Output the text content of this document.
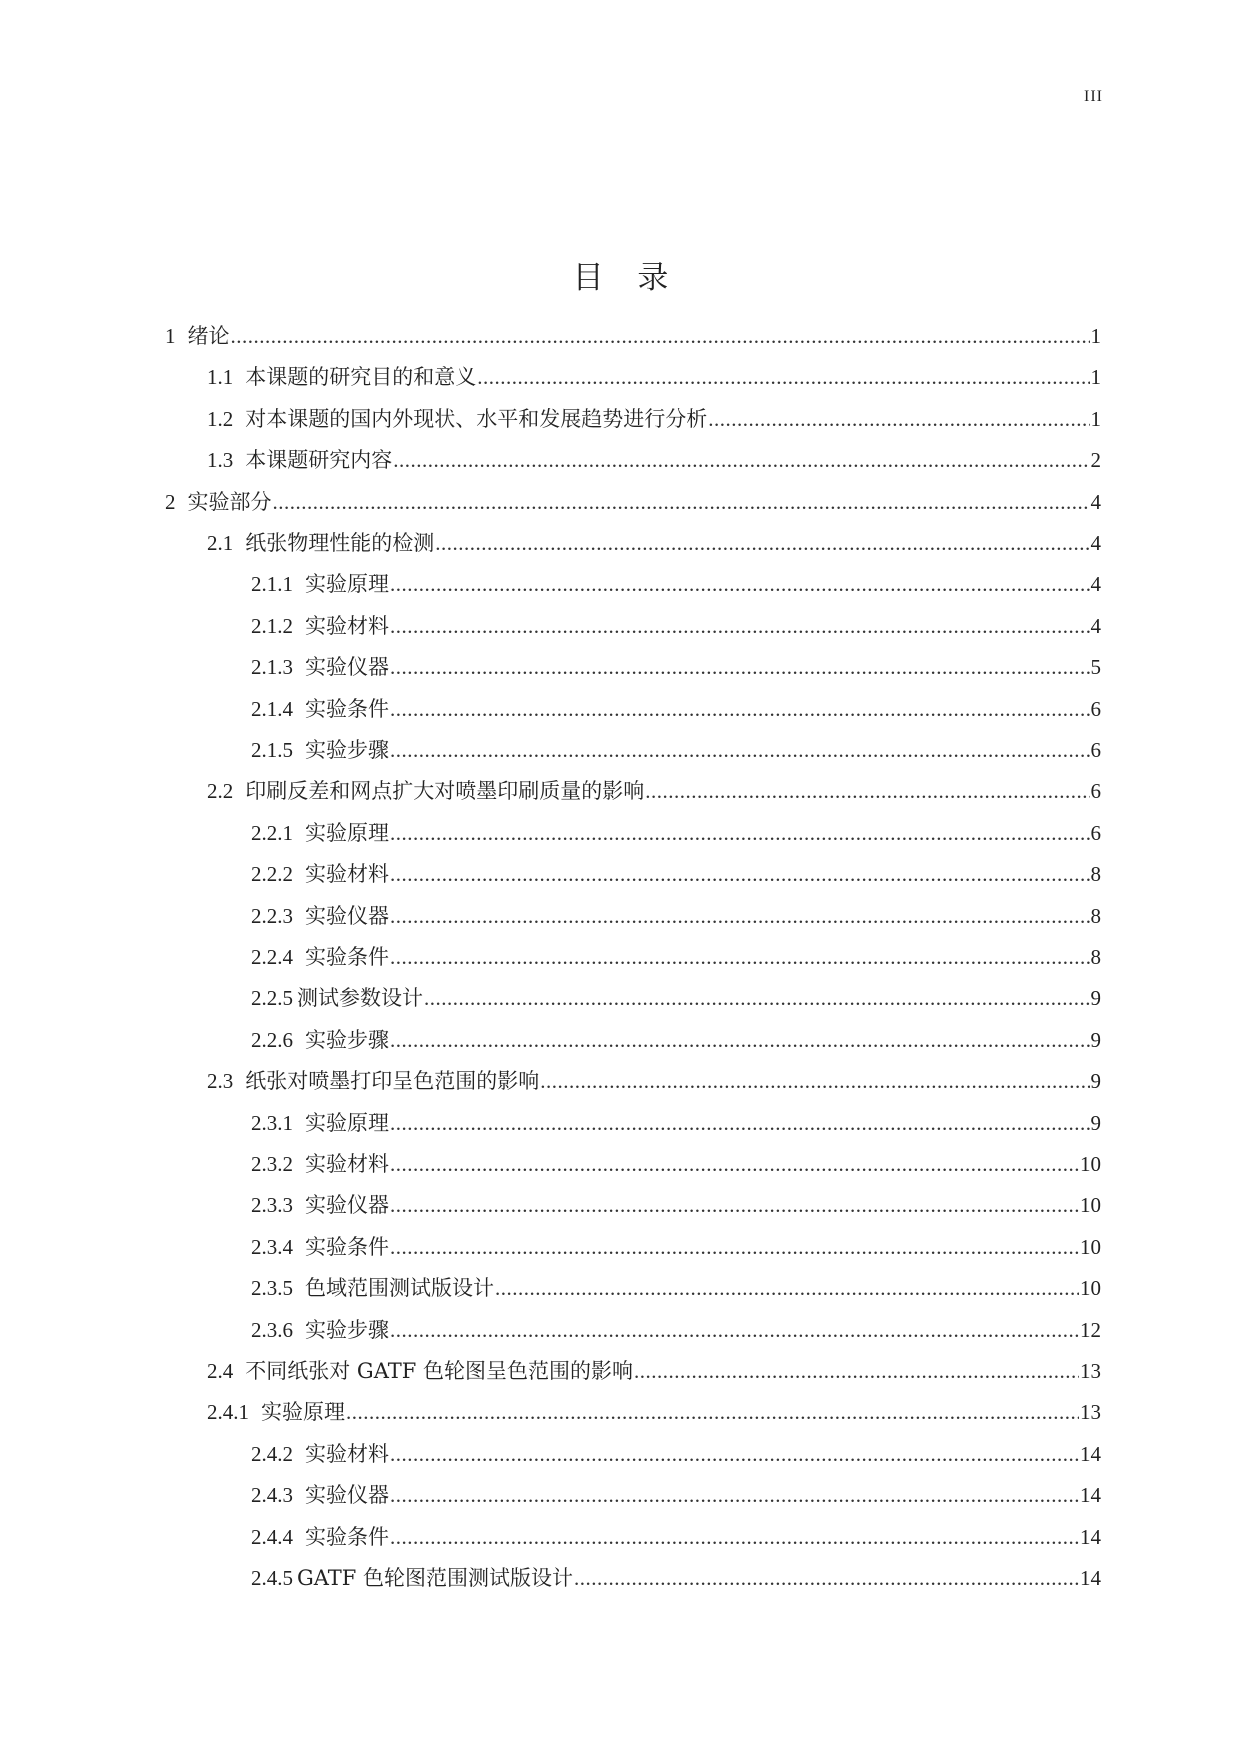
III
目 录
1 绪论 .....	1
1.1 本课题的研究目的和意义 .....	1
1.2 对本课题的国内外现状、水平和发展趋势进行分析 .....	1
1.3 本课题研究内容 .....	2
2 实验部分 .....	4
2.1 纸张物理性能的检测 .....	4
2.1.1 实验原理 .....	4
2.1.2 实验材料 .....	4
2.1.3 实验仪器 .....	5
2.1.4 实验条件 .....	6
2.1.5 实验步骤 .....	6
2.2 印刷反差和网点扩大对喷墨印刷质量的影响 .....	6
2.2.1 实验原理 .....	6
2.2.2 实验材料 .....	8
2.2.3 实验仪器 .....	8
2.2.4 实验条件 .....	8
2.2.5 测试参数设计 .....	9
2.2.6 实验步骤 .....	9
2.3 纸张对喷墨打印呈色范围的影响 .....	9
2.3.1 实验原理 .....	9
2.3.2 实验材料 .....	10
2.3.3 实验仪器 .....	10
2.3.4 实验条件 .....	10
2.3.5 色域范围测试版设计 .....	10
2.3.6 实验步骤 .....	12
2.4 不同纸张对 GATF 色轮图呈色范围的影响 .....	13
2.4.1 实验原理 .....	13
2.4.2 实验材料 .....	14
2.4.3 实验仪器 .....	14
2.4.4 实验条件 .....	14
2.4.5 GATF 色轮图范围测试版设计 .....	14
